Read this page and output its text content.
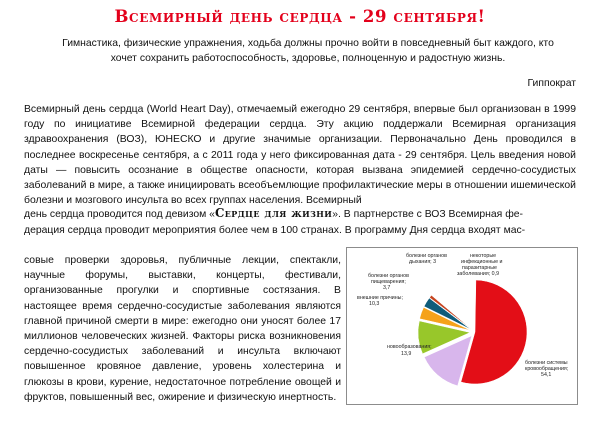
Всемирный день сердца - 29 сентября!
Гимнастика, физические упражнения, ходьба должны прочно войти в повседневный быт каждого, кто
хочет сохранить работоспособность, здоровье, полноценную и радостную жизнь.
Гиппократ

Всемирный день сердца (World Heart Day), отмечаемый ежегодно 29 сентября, впервые был организован в 1999 году по инициативе Всемирной федерации сердца. Эту акцию поддержали Всемирная организация здравоохранения (ВОЗ), ЮНЕСКО и другие значимые организации. Первоначально День проводился в последнее воскресенье сентября, а с 2011 года у него фиксированная дата - 29 сентября. Цель введения новой даты — повысить осознание в обществе опасности, которая вызвана эпидемией сердечно-сосудистых заболеваний в мире, а также инициировать всеобъемлющие профилактические меры в отношении ишемической болезни и мозгового инсульта во всех группах населения. Всемирный

день сердца проводится под девизом «Сердце для жизни». В партнерстве с ВОЗ Всемирная фе-

дерация сердца проводит мероприятия более чем в 100 странах. В программу Дня сердца входят мас-

совые проверки здоровья, публичные лекции, спектакли, научные форумы, выставки, концерты, фестивали, организованные прогулки и спортивные состязания. В настоящее время сердечно-сосудистые заболевания являются главной причиной смерти в мире: ежегодно они уносят более 17 миллионов человеческих жизней. Факторы риска возникновения сердечно-сосудистых заболеваний и инсульта включают повышенное кровяное давление, уровень холестерина и глюкозы в крови, курение, недостаточное потребление овощей и фруктов, повышенный вес, ожирение и физическую инертность.

болезни системы
кровообращения;
54,1
новообразования;
13,9
внешние причины;
10,3
болезни органов
пищеварения;
3,7
болезни органов
дыхания; 3
некоторые
инфекционные и
паразитарные
заболевания; 0,9
